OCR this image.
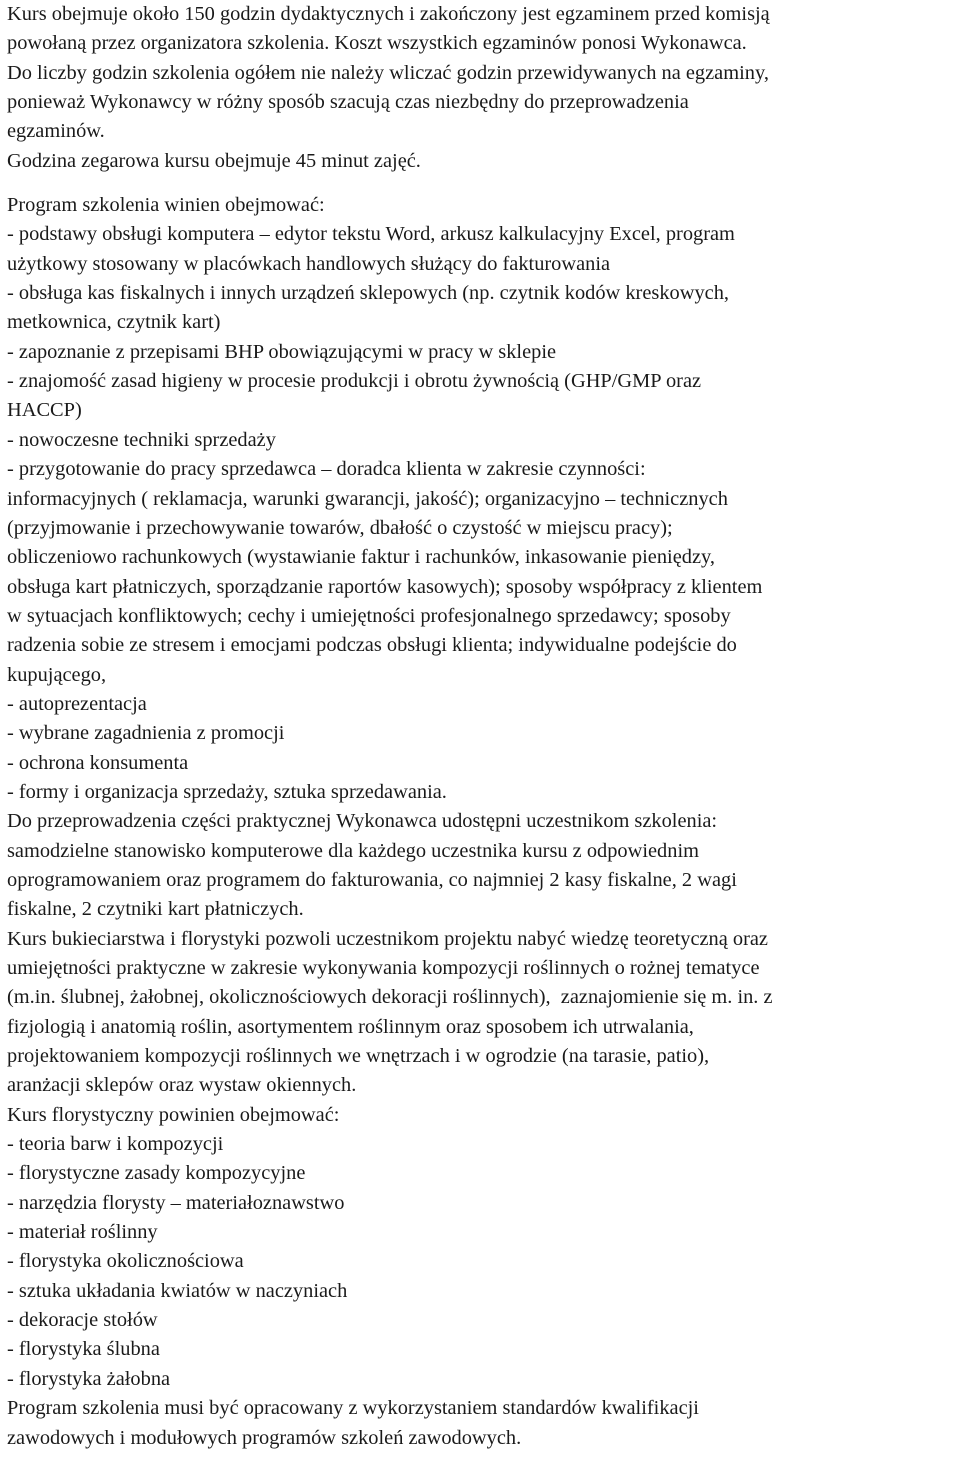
Kurs obejmuje około 150 godzin dydaktycznych i zakończony jest egzaminem przed komisją
powołaną przez organizatora szkolenia. Koszt wszystkich egzaminów ponosi Wykonawca.
Do liczby godzin szkolenia ogółem nie należy wliczać godzin przewidywanych na egzaminy,
ponieważ Wykonawcy w różny sposób szacują czas niezbędny do przeprowadzenia
egzaminów.
Godzina zegarowa kursu obejmuje 45 minut zajęć.
Program szkolenia winien obejmować:
- podstawy obsługi komputera – edytor tekstu Word, arkusz kalkulacyjny Excel, program
użytkowy stosowany w placówkach handlowych służący do fakturowania
- obsługa kas fiskalnych i innych urządzeń sklepowych (np. czytnik kodów kreskowych,
metkownica, czytnik kart)
- zapoznanie z przepisami BHP obowiązującymi w pracy w sklepie
- znajomość zasad higieny w procesie produkcji i obrotu żywnością (GHP/GMP oraz
HACCP)
- nowoczesne techniki sprzedaży
- przygotowanie do pracy sprzedawca – doradca klienta w zakresie czynności:
informacyjnych ( reklamacja, warunki gwarancji, jakość); organizacyjno – technicznych
(przyjmowanie i przechowywanie towarów, dbałość o czystość w miejscu pracy);
obliczeniowo rachunkowych (wystawianie faktur i rachunków, inkasowanie pieniędzy,
obsługa kart płatniczych, sporządzanie raportów kasowych); sposoby współpracy z klientem
w sytuacjach konfliktowych; cechy i umiejętności profesjonalnego sprzedawcy; sposoby
radzenia sobie ze stresem i emocjami podczas obsługi klienta; indywidualne podejście do
kupującego,
- autoprezentacja
- wybrane zagadnienia z promocji
- ochrona konsumenta
- formy i organizacja sprzedaży, sztuka sprzedawania.
Do przeprowadzenia części praktycznej Wykonawca udostępni uczestnikom szkolenia:
samodzielne stanowisko komputerowe dla każdego uczestnika kursu z odpowiednim
oprogramowaniem oraz programem do fakturowania, co najmniej 2 kasy fiskalne, 2 wagi
fiskalne, 2 czytniki kart płatniczych.
Kurs bukieciarstwa i florystyki pozwoli uczestnikom projektu nabyć wiedzę teoretyczną oraz
umiejętności praktyczne w zakresie wykonywania kompozycji roślinnych o rożnej tematyce
(m.in. ślubnej, żałobnej, okolicznościowych dekoracji roślinnych),  zaznajomienie się m. in. z
fizjologią i anatomią roślin, asortymentem roślinnym oraz sposobem ich utrwalania,
projektowaniem kompozycji roślinnych we wnętrzach i w ogrodzie (na tarasie, patio),
aranżacji sklepów oraz wystaw okiennych.
Kurs florystyczny powinien obejmować:
- teoria barw i kompozycji
- florystyczne zasady kompozycyjne
- narzędzia florysty – materiałoznawstwo
- materiał roślinny
- florystyka okolicznościowa
- sztuka układania kwiatów w naczyniach
- dekoracje stołów
- florystyka ślubna
- florystyka żałobna
Program szkolenia musi być opracowany z wykorzystaniem standardów kwalifikacji
zawodowych i modułowych programów szkoleń zawodowych.
